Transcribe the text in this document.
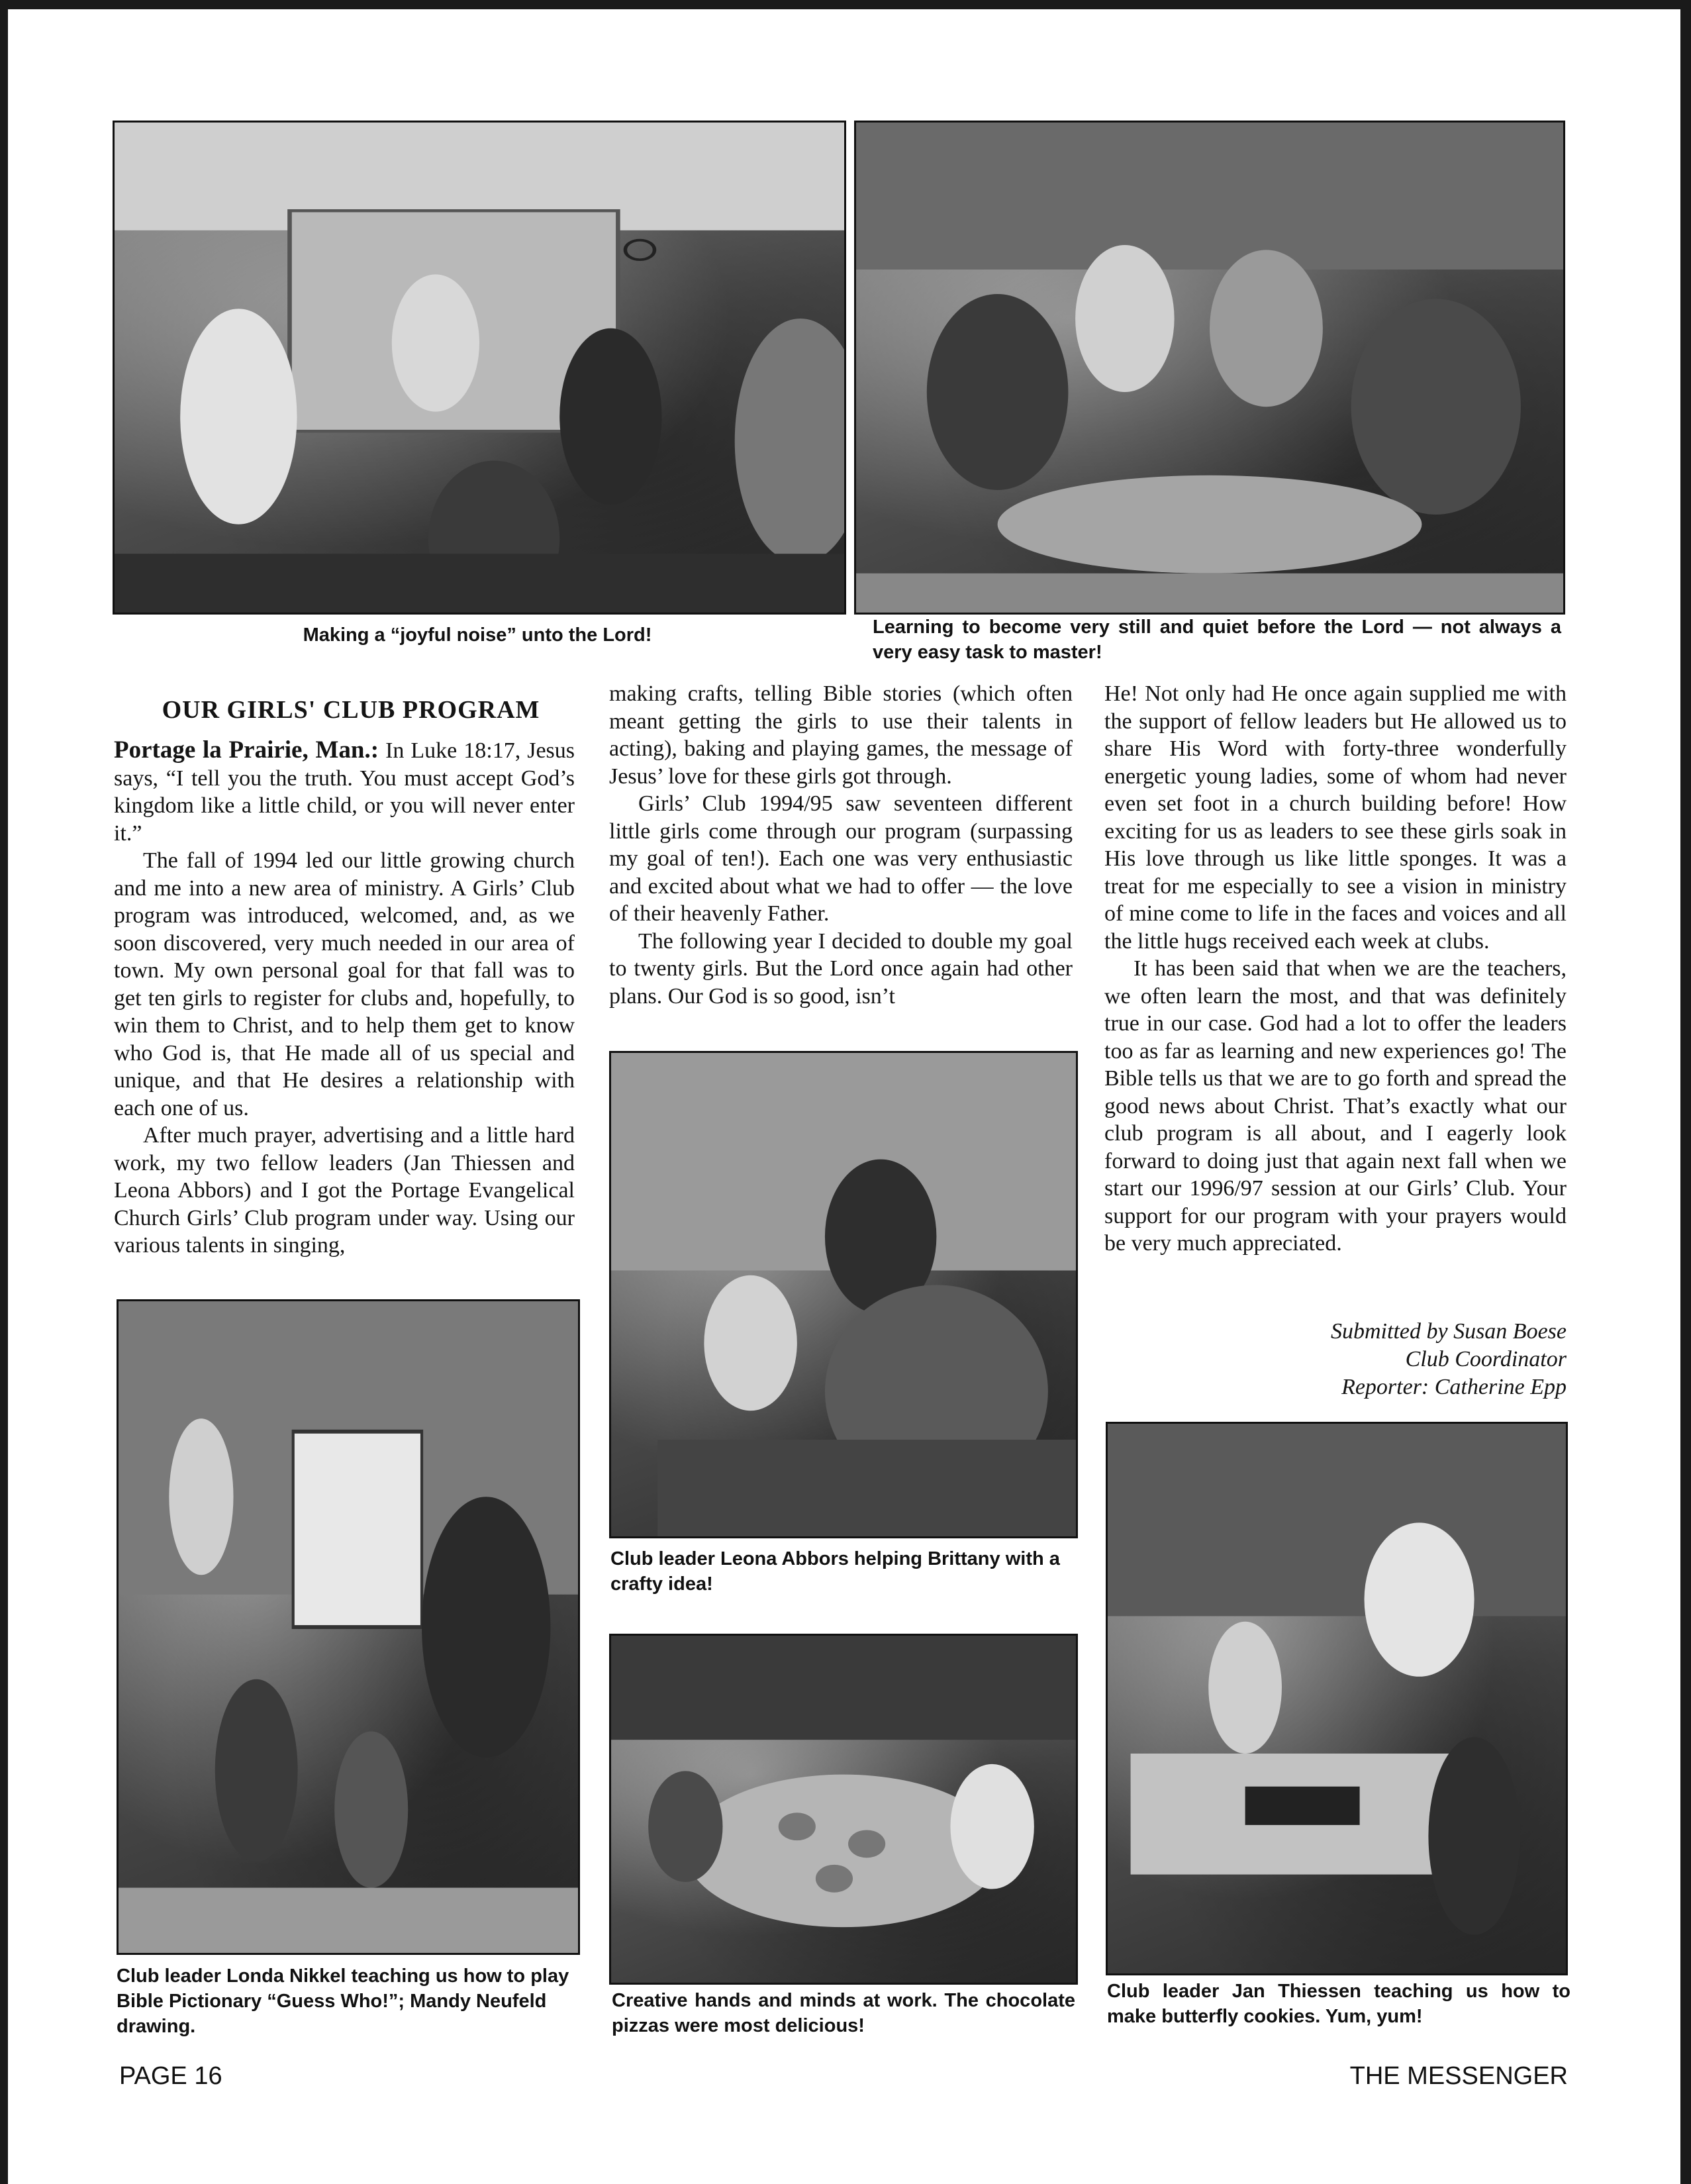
Making a “joyful noise” unto the Lord!	Learning to become very still and quiet before the Lord — not always a very easy task to master!
OUR GIRLS' CLUB PROGRAM

Portage la Prairie, Man.: In Luke 18:17, Jesus says, “I tell you the truth. You must accept God’s kingdom like a little child, or you will never enter it.”

The fall of 1994 led our little growing church and me into a new area of ministry. A Girls’ Club program was introduced, welcomed, and, as we soon discovered, very much needed in our area of town. My own personal goal for that fall was to get ten girls to register for clubs and, hopefully, to win them to Christ, and to help them get to know who God is, that He made all of us special and unique, and that He desires a relationship with each one of us.

After much prayer, advertising and a little hard work, my two fellow leaders (Jan Thiessen and Leona Abbors) and I got the Portage Evangelical Church Girls’ Club program under way. Using our various talents in singing,

making crafts, telling Bible stories (which often meant getting the girls to use their talents in acting), baking and playing games, the message of Jesus’ love for these girls got through.

Girls’ Club 1994/95 saw seventeen different little girls come through our program (surpassing my goal of ten!). Each one was very enthusiastic and excited about what we had to offer — the love of their heavenly Father.

The following year I decided to double my goal to twenty girls. But the Lord once again had other plans. Our God is so good, isn’t

He! Not only had He once again supplied me with the support of fellow leaders but He allowed us to share His Word with forty-three wonderfully energetic young ladies, some of whom had never even set foot in a church building before! How exciting for us as leaders to see these girls soak in His love through us like little sponges. It was a treat for me especially to see a vision in ministry of mine come to life in the faces and voices and all the little hugs received each week at clubs.

It has been said that when we are the teachers, we often learn the most, and that was definitely true in our case. God had a lot to offer the leaders too as far as learning and new experiences go! The Bible tells us that we are to go forth and spread the good news about Christ. That’s exactly what our club program is all about, and I eagerly look forward to doing just that again next fall when we start our 1996/97 session at our Girls’ Club. Your support for our program with your prayers would be very much appreciated.

Submitted by Susan Boese
Club Coordinator
Reporter: Catherine Epp
Club leader Leona Abbors helping Brittany with a crafty idea!
Club leader Londa Nikkel teaching us how to play Bible Pictionary “Guess Who!”; Mandy Neufeld drawing.
Creative hands and minds at work. The chocolate pizzas were most delicious!
Club leader Jan Thiessen teaching us how to make butterfly cookies. Yum, yum!
PAGE 16	THE MESSENGER
